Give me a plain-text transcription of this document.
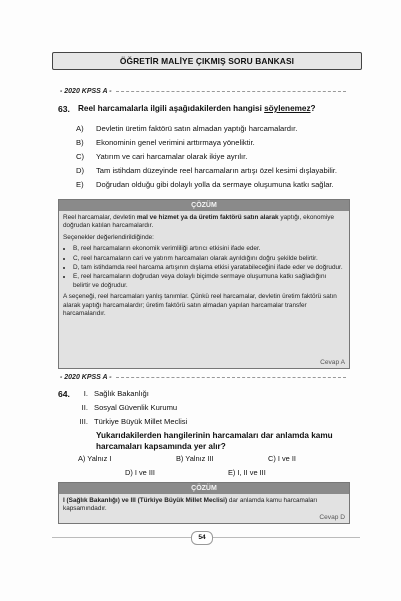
ÖĞRETİR MALİYE ÇIKMIŞ SORU BANKASI
- 2020 KPSS A -
63. Reel harcamalarla ilgili aşağıdakilerden hangisi söylenemez?
A)	Devletin üretim faktörü satın almadan yaptığı harcamalardır.
B)	Ekonominin genel verimini arttırmaya yöneliktir.
C)	Yatırım ve cari harcamalar olarak ikiye ayrılır.
D)	Tam istihdam düzeyinde reel harcamaların artışı özel kesimi dışlayabilir.
E)	Doğrudan olduğu gibi dolaylı yolla da sermaye oluşumuna katkı sağlar.
ÇÖZÜM

Reel harcamalar, devletin mal ve hizmet ya da üretim faktörü satın alarak yaptığı, ekonomiye doğrudan katılan harcamalardır.

Seçenekler değerlendirildiğinde:

• B, reel harcamaların ekonomik verimliliği artırıcı etkisini ifade eder.
• C, reel harcamaların cari ve yatırım harcamaları olarak ayrıldığını doğru şekilde belirtir.
• D, tam istihdamda reel harcama artışının dışlama etkisi yaratabileceğini ifade eder ve doğrudur.
• E, reel harcamaların doğrudan veya dolaylı biçimde sermaye oluşumuna katkı sağladığını belirtir ve doğrudur.

A seçeneği, reel harcamaları yanlış tanımlar. Çünkü reel harcamalar, devletin üretim faktörü satın alarak yaptığı harcamalardır; üretim faktörü satın almadan yapılan harcamalar transfer harcamalarıdır.

Cevap A
- 2020 KPSS A -
64.	I. Sağlık Bakanlığı
II. Sosyal Güvenlik Kurumu
III. Türkiye Büyük Millet Meclisi
Yukarıdakilerden hangilerinin harcamaları dar anlamda kamu harcamaları kapsamında yer alır?
A) Yalnız I	B) Yalnız III	C) I ve II
D) I ve III	E) I, II ve III
ÇÖZÜM

I (Sağlık Bakanlığı) ve III (Türkiye Büyük Millet Meclisi) dar anlamda kamu harcamaları kapsamındadır.

Cevap D
54
